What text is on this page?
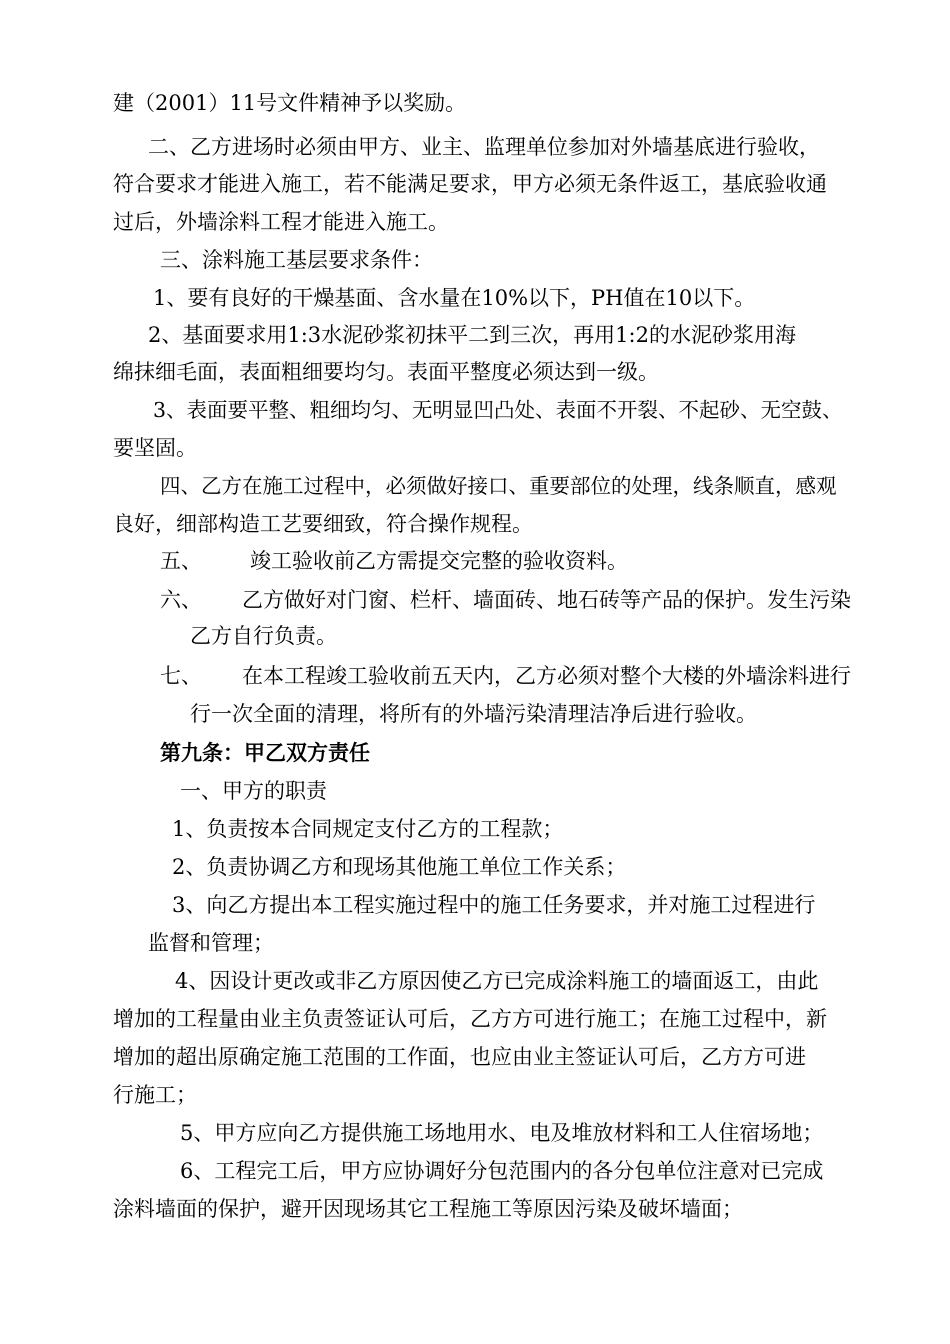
建（2001）11号文件精神予以奖励。
二、乙方进场时必须由甲方、业主、监理单位参加对外墙基底进行验收，
符合要求才能进入施工，若不能满足要求，甲方必须无条件返工，基底验收通
过后，外墙涂料工程才能进入施工。
三、涂料施工基层要求条件：
1、要有良好的干燥基面、含水量在10%以下，PH值在10以下。
2、基面要求用1:3水泥砂浆初抹平二到三次，再用1:2的水泥砂浆用海
绵抹细毛面，表面粗细要均匀。表面平整度必须达到一级。
3、表面要平整、粗细均匀、无明显凹凸处、表面不开裂、不起砂、无空鼓、
要坚固。
四、乙方在施工过程中，必须做好接口、重要部位的处理，线条顺直，感观
良好，细部构造工艺要细致，符合操作规程。
五、 竣工验收前乙方需提交完整的验收资料。
六、 乙方做好对门窗、栏杆、墙面砖、地石砖等产品的保护。发生污染
乙方自行负责。
七、 在本工程竣工验收前五天内，乙方必须对整个大楼的外墙涂料进行
行一次全面的清理，将所有的外墙污染清理洁净后进行验收。
第九条：甲乙双方责任
一、甲方的职责
1、负责按本合同规定支付乙方的工程款；
2、负责协调乙方和现场其他施工单位工作关系；
3、向乙方提出本工程实施过程中的施工任务要求，并对施工过程进行
监督和管理；
4、因设计更改或非乙方原因使乙方已完成涂料施工的墙面返工，由此
增加的工程量由业主负责签证认可后，乙方方可进行施工；在施工过程中，新
增加的超出原确定施工范围的工作面，也应由业主签证认可后，乙方方可进
行施工；
5、甲方应向乙方提供施工场地用水、电及堆放材料和工人住宿场地；
6、工程完工后，甲方应协调好分包范围内的各分包单位注意对已完成
涂料墙面的保护，避开因现场其它工程施工等原因污染及破坏墙面；
